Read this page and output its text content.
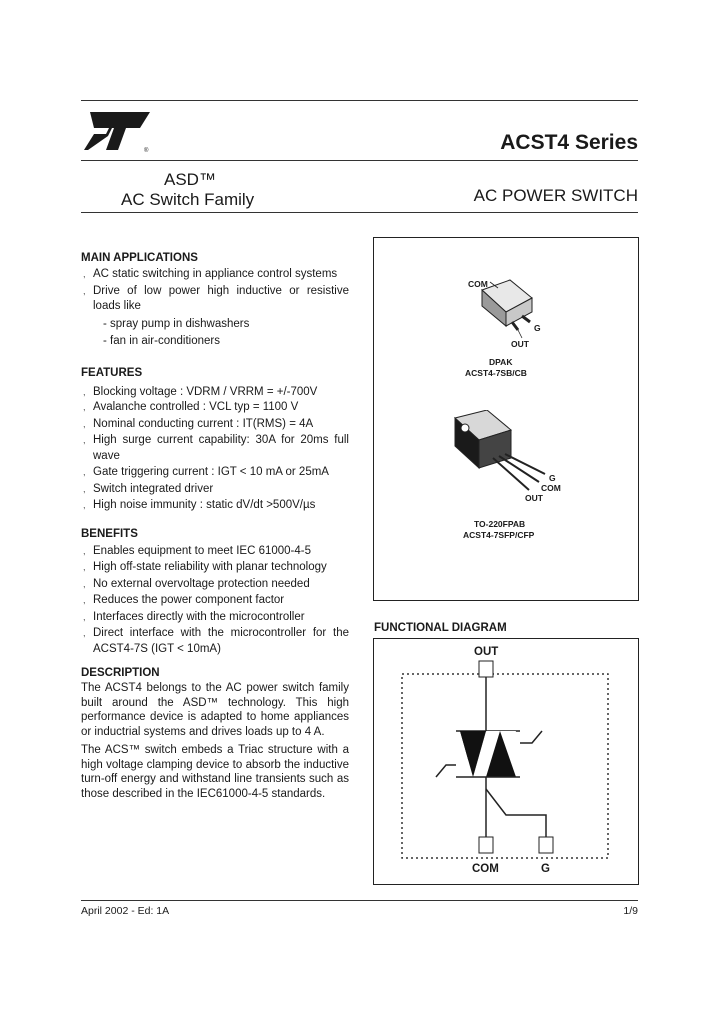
®	ACST4 Series
ASD™
AC Switch Family	AC POWER SWITCH
MAIN APPLICATIONS
, AC static switching in appliance control systems
, Drive of low power high inductive or resistive loads like
- spray pump in dishwashers
- fan in air-conditioners
FEATURES
, Blocking voltage : VDRM / VRRM = +/-700V
, Avalanche controlled : VCL typ = 1100 V
, Nominal conducting current : IT(RMS) = 4A
, High surge current capability: 30A for 20ms full wave
, Gate triggering current : IGT < 10 mA or 25mA
, Switch integrated driver
, High noise immunity : static dV/dt >500V/µs
BENEFITS
, Enables equipment to meet IEC 61000-4-5
, High off-state reliability with planar technology
, No external overvoltage protection needed
, Reduces the power component factor
, Interfaces directly with the microcontroller
, Direct interface with the microcontroller for the ACST4-7S (IGT < 10mA)
DESCRIPTION
The ACST4 belongs to the AC power switch family built around the ASD™ technology. This high performance device is adapted to home appliances or inductrial systems and drives loads up to 4 A.
The ACS™ switch embeds a Triac structure with a high voltage clamping device to absorb the inductive turn-off energy and withstand line transients such as those described in the IEC61000-4-5 standards.
COM
G
OUT
DPAK
ACST4-7SB/CB
G
COM
OUT
TO-220FPAB
ACST4-7SFP/CFP
FUNCTIONAL DIAGRAM
OUT
COM	G
April 2002 - Ed: 1A	1/9
